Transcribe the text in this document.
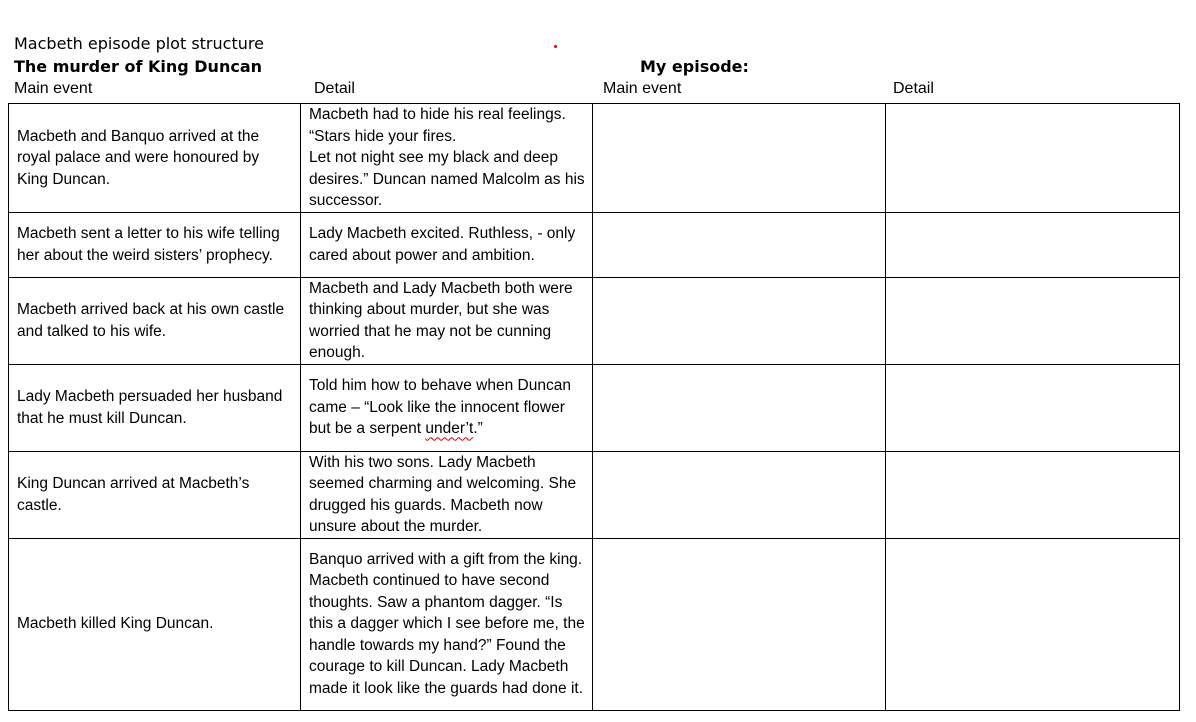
Macbeth episode plot structure
The murder of King Duncan	My episode:
Main event	Detail	Main event	Detail
Macbeth and Banquo arrived at the royal palace and were honoured by King Duncan.	Macbeth had to hide his real feelings.
“Stars hide your fires.
Let not night see my black and deep desires.” Duncan named Malcolm as his successor.		

Macbeth sent a letter to his wife telling her about the weird sisters’ prophecy.	Lady Macbeth excited. Ruthless, - only cared about power and ambition.		
Macbeth arrived back at his own castle and talked to his wife.	Macbeth and Lady Macbeth both were thinking about murder, but she was worried that he may not be cunning enough.		
Lady Macbeth persuaded her husband that he must kill Duncan.	Told him how to behave when Duncan came – “Look like the innocent flower but be a serpent under’t.”		
King Duncan arrived at Macbeth’s castle.	With his two sons. Lady Macbeth seemed charming and welcoming. She drugged his guards. Macbeth now unsure about the murder.		
Macbeth killed King Duncan.	Banquo arrived with a gift from the king. Macbeth continued to have second thoughts. Saw a phantom dagger. “Is this a dagger which I see before me, the handle towards my hand?” Found the courage to kill Duncan. Lady Macbeth made it look like the guards had done it.		
